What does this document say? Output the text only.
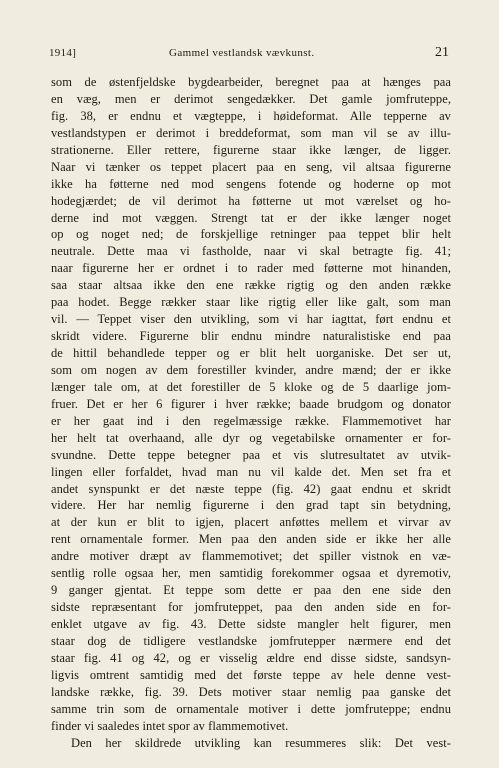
1914]	Gammel vestlandsk vævkunst.	21
som de østenfjeldske bygdearbeider, beregnet paa at hænges paa
en væg, men er derimot sengedækker. Det gamle jomfruteppe,
fig. 38, er endnu et vægteppe, i høideformat. Alle tepperne av
vestlandstypen er derimot i breddeformat, som man vil se av illu-
strationerne. Eller rettere, figurerne staar ikke længer, de ligger.
Naar vi tænker os teppet placert paa en seng, vil altsaa figurerne
ikke ha føtterne ned mod sengens fotende og hoderne op mot
hodegjærdet; de vil derimot ha føtterne ut mot værelset og ho-
derne ind mot væggen. Strengt tat er der ikke længer noget
op og noget ned; de forskjellige retninger paa teppet blir helt
neutrale. Dette maa vi fastholde, naar vi skal betragte fig. 41;
naar figurerne her er ordnet i to rader med føtterne mot hinanden,
saa staar altsaa ikke den ene række rigtig og den anden række
paa hodet. Begge rækker staar like rigtig eller like galt, som man
vil. — Teppet viser den utvikling, som vi har iagttat, ført endnu et
skridt videre. Figurerne blir endnu mindre naturalistiske end paa
de hittil behandlede tepper og er blit helt uorganiske. Det ser ut,
som om nogen av dem forestiller kvinder, andre mænd; der er ikke
længer tale om, at det forestiller de 5 kloke og de 5 daarlige jom-
fruer. Det er her 6 figurer i hver række; baade brudgom og donator
er her gaat ind i den regelmæssige række. Flammemotivet har
her helt tat overhaand, alle dyr og vegetabilske ornamenter er for-
svundne. Dette teppe betegner paa et vis slutresultatet av utvik-
lingen eller forfaldet, hvad man nu vil kalde det. Men set fra et
andet synspunkt er det næste teppe (fig. 42) gaat endnu et skridt
videre. Her har nemlig figurerne i den grad tapt sin betydning,
at der kun er blit to igjen, placert anføttes mellem et virvar av
rent ornamentale former. Men paa den anden side er ikke her alle
andre motiver dræpt av flammemotivet; det spiller vistnok en væ-
sentlig rolle ogsaa her, men samtidig forekommer ogsaa et dyremotiv,
9 ganger gjentat. Et teppe som dette er paa den ene side den
sidste repræsentant for jomfruteppet, paa den anden side en for-
enklet utgave av fig. 43. Dette sidste mangler helt figurer, men
staar dog de tidligere vestlandske jomfrutepper nærmere end det
staar fig. 41 og 42, og er visselig ældre end disse sidste, sandsyn-
ligvis omtrent samtidig med det første teppe av hele denne vest-
landske række, fig. 39. Dets motiver staar nemlig paa ganske det
samme trin som de ornamentale motiver i dette jomfruteppe; endnu
finder vi saaledes intet spor av flammemotivet.
Den her skildrede utvikling kan resummeres slik: Det vest-
